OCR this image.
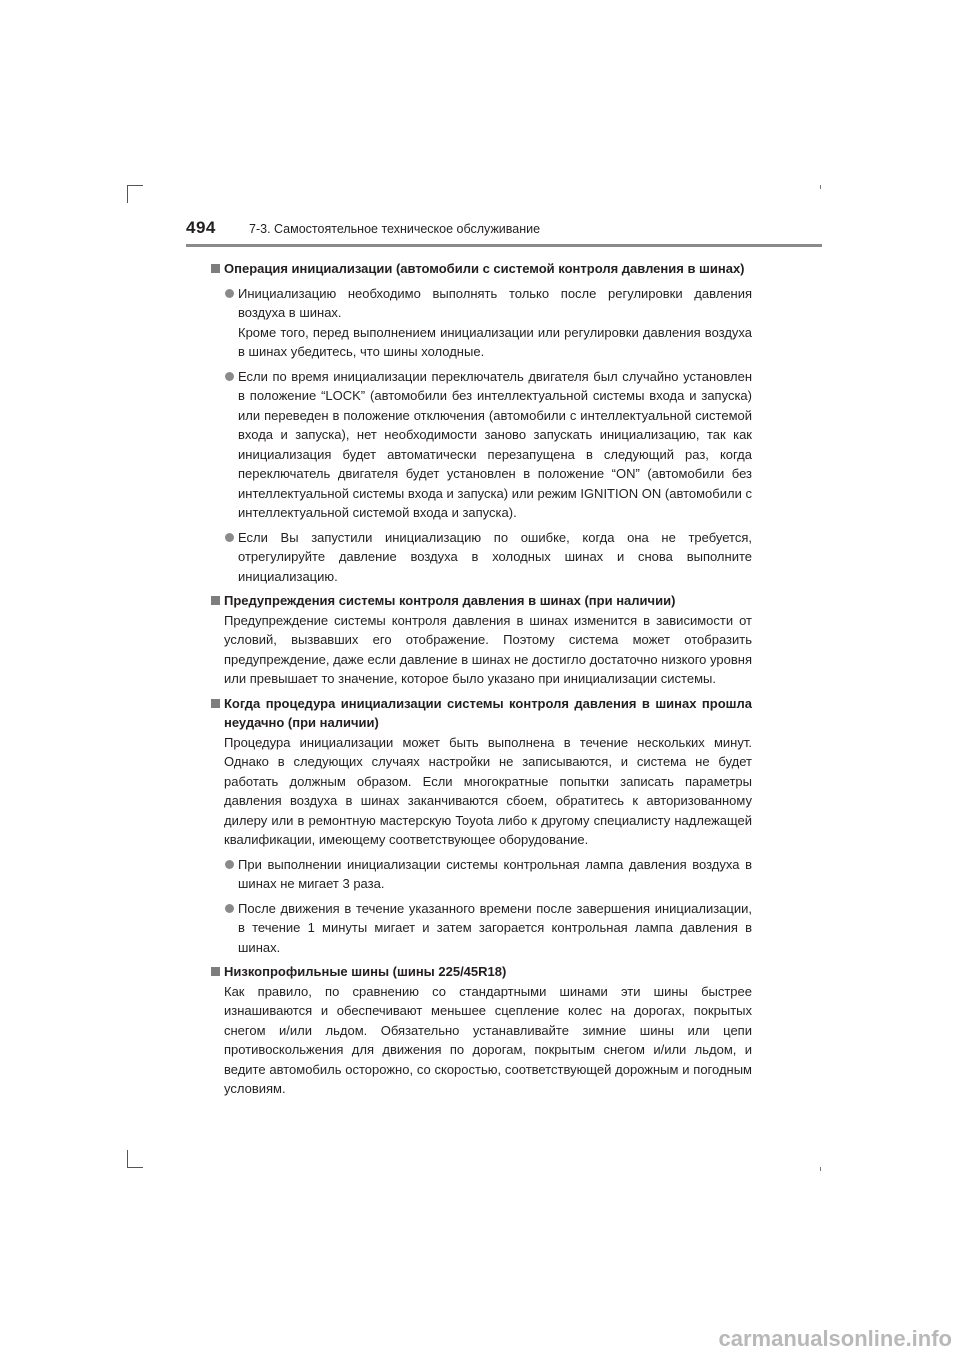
494	7-3. Самостоятельное техническое обслуживание
Операция инициализации (автомобили с системой контроля давления в шинах)
Инициализацию необходимо выполнять только после регулировки давления воздуха в шинах.
Кроме того, перед выполнением инициализации или регулировки давления воздуха в шинах убедитесь, что шины холодные.
Если по время инициализации переключатель двигателя был случайно установлен в положение “LOCK” (автомобили без интеллектуальной системы входа и запуска) или переведен в положение отключения (автомобили с интеллектуальной системой входа и запуска), нет необходимости заново запускать инициализацию, так как инициализация будет автоматически перезапущена в следующий раз, когда переключатель двигателя будет установлен в положение “ON” (автомобили без интеллектуальной системы входа и запуска) или режим IGNITION ON (автомобили с интеллектуальной системой входа и запуска).
Если Вы запустили инициализацию по ошибке, когда она не требуется, отрегулируйте давление воздуха в холодных шинах и снова выполните инициализацию.
Предупреждения системы контроля давления в шинах (при наличии)
Предупреждение системы контроля давления в шинах изменится в зависимости от условий, вызвавших его отображение. Поэтому система может отобразить предупреждение, даже если давление в шинах не достигло достаточно низкого уровня или превышает то значение, которое было указано при инициализации системы.
Когда процедура инициализации системы контроля давления в шинах прошла неудачно (при наличии)
Процедура инициализации может быть выполнена в течение нескольких минут. Однако в следующих случаях настройки не записываются, и система не будет работать должным образом. Если многократные попытки записать параметры давления воздуха в шинах заканчиваются сбоем, обратитесь к авторизованному дилеру или в ремонтную мастерскую Toyota либо к другому специалисту надлежащей квалификации, имеющему соответствующее оборудование.
При выполнении инициализации системы контрольная лампа давления воздуха в шинах не мигает 3 раза.
После движения в течение указанного времени после завершения инициализации, в течение 1 минуты мигает и затем загорается контрольная лампа давления в шинах.
Низкопрофильные шины (шины 225/45R18)
Как правило, по сравнению со стандартными шинами эти шины быстрее изнашиваются и обеспечивают меньшее сцепление колес на дорогах, покрытых снегом и/или льдом. Обязательно устанавливайте зимние шины или цепи противоскольжения для движения по дорогам, покрытым снегом и/или льдом, и ведите автомобиль осторожно, со скоростью, соответствующей дорожным и погодным условиям.
carmanualsonline.info
